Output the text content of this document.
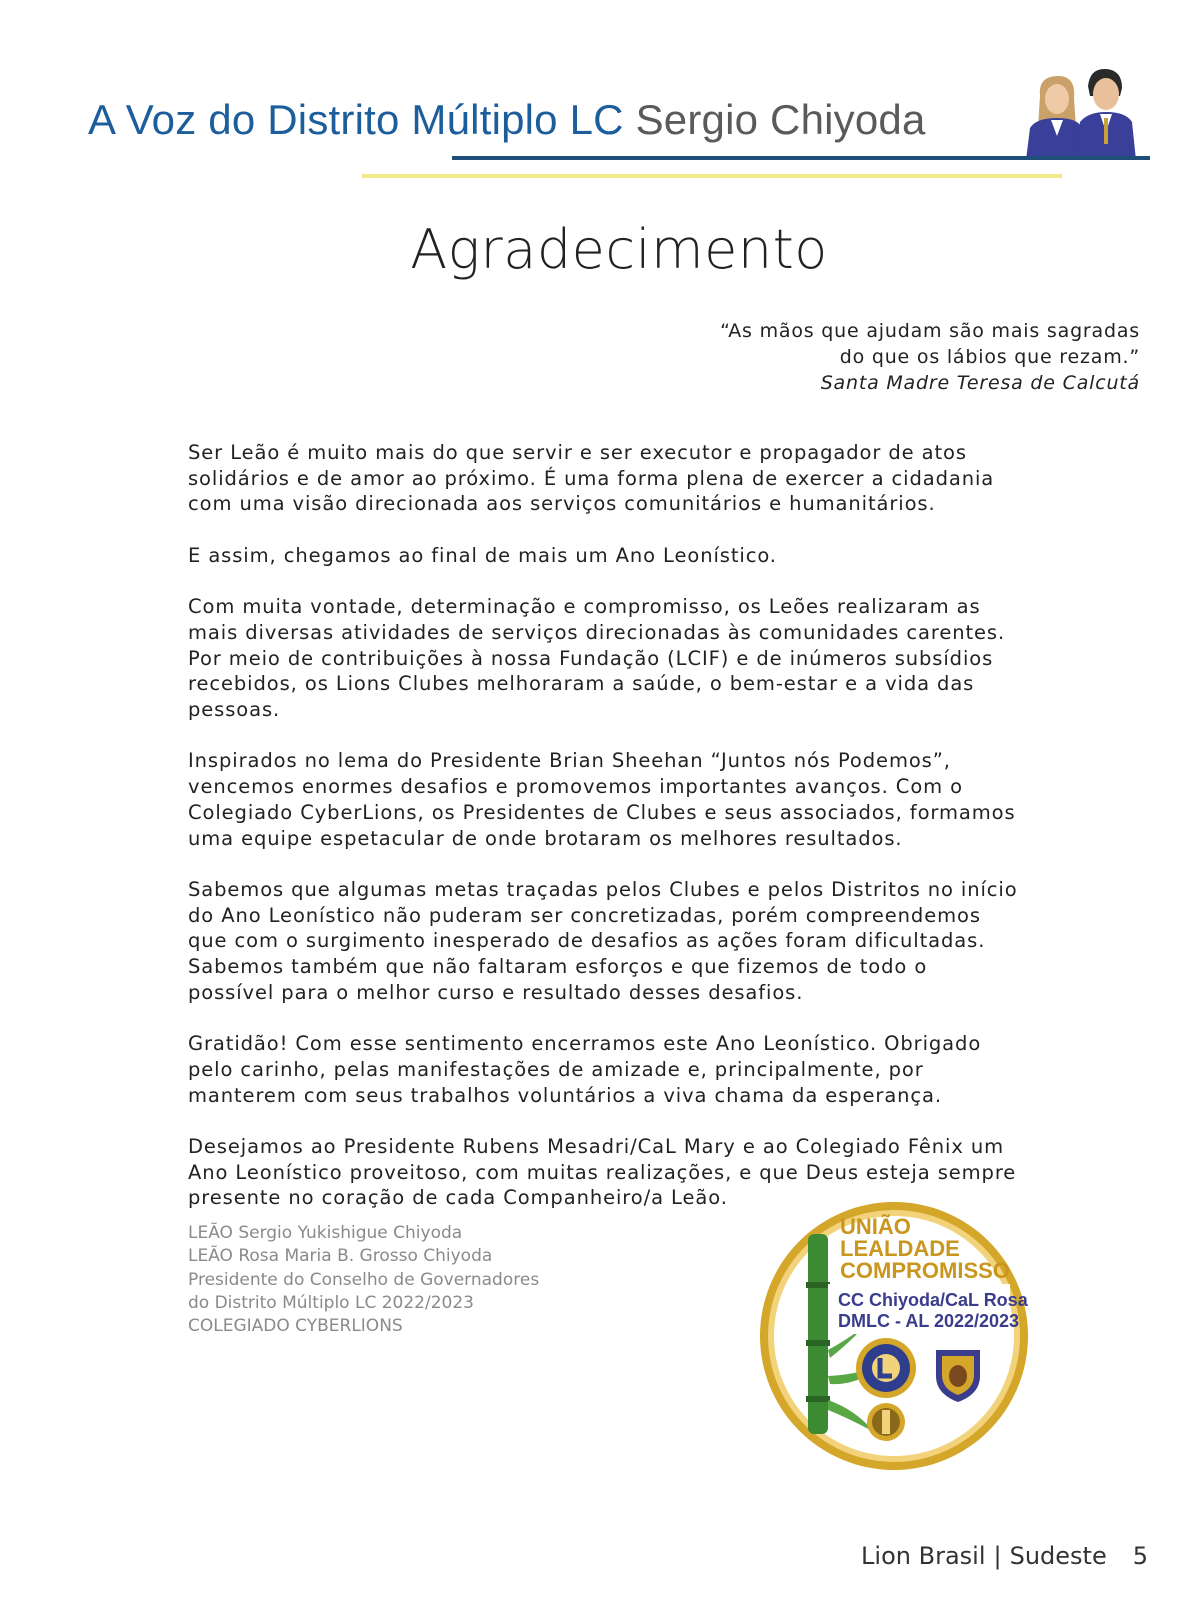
A Voz do Distrito Múltiplo LC Sergio Chiyoda
Agradecimento
“As mãos que ajudam são mais sagradas
do que os lábios que rezam.”
Santa Madre Teresa de Calcutá

Ser Leão é muito mais do que servir e ser executor e propagador de atos solidários e de amor ao próximo. É uma forma plena de exercer a cidadania com uma visão direcionada aos serviços comunitários e humanitários.

E assim, chegamos ao final de mais um Ano Leonístico.

Com muita vontade, determinação e compromisso, os Leões realizaram as mais diversas atividades de serviços direcionadas às comunidades carentes. Por meio de contribuições à nossa Fundação (LCIF) e de inúmeros subsídios recebidos, os Lions Clubes melhoraram a saúde, o bem-estar e a vida das pessoas.

Inspirados no lema do Presidente Brian Sheehan “Juntos nós Podemos”, vencemos enormes desafios e promovemos importantes avanços. Com o Colegiado CyberLions, os Presidentes de Clubes e seus associados, formamos uma equipe espetacular de onde brotaram os melhores resultados.

Sabemos que algumas metas traçadas pelos Clubes e pelos Distritos no início do Ano Leonístico não puderam ser concretizadas, porém compreendemos que com o surgimento inesperado de desafios as ações foram dificultadas. Sabemos também que não faltaram esforços e que fizemos de todo o possível para o melhor curso e resultado desses desafios.

Gratidão! Com esse sentimento encerramos este Ano Leonístico. Obrigado pelo carinho, pelas manifestações de amizade e, principalmente, por manterem com seus trabalhos voluntários a viva chama da esperança.

Desejamos ao Presidente Rubens Mesadri/CaL Mary e ao Colegiado Fênix um Ano Leonístico proveitoso, com muitas realizações, e que Deus esteja sempre presente no coração de cada Companheiro/a Leão.

LEÃO Sergio Yukishigue Chiyoda
LEÃO Rosa Maria B. Grosso Chiyoda
Presidente do Conselho de Governadores
do Distrito Múltiplo LC 2022/2023
COLEGIADO CYBERLIONS
UNIÃO
LEALDADE
COMPROMISSO
CC Chiyoda/CaL Rosa
DMLC - AL 2022/2023
Lion Brasil | Sudeste 5
